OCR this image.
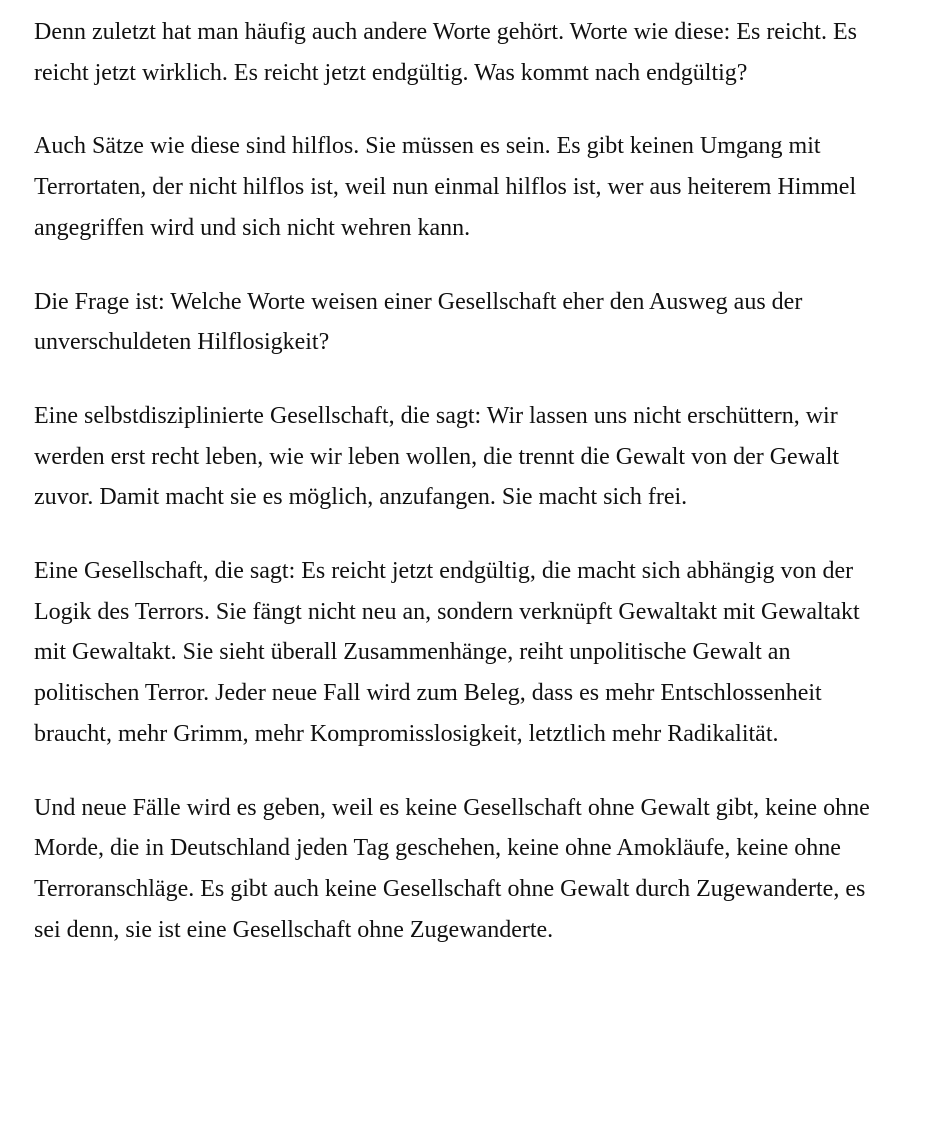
Denn zuletzt hat man häufig auch andere Worte gehört. Worte wie diese: Es reicht. Es reicht jetzt wirklich. Es reicht jetzt endgültig. Was kommt nach endgültig?

Auch Sätze wie diese sind hilflos. Sie müssen es sein. Es gibt keinen Umgang mit Terrortaten, der nicht hilflos ist, weil nun einmal hilflos ist, wer aus heiterem Himmel angegriffen wird und sich nicht wehren kann.

Die Frage ist: Welche Worte weisen einer Gesellschaft eher den Ausweg aus der unverschuldeten Hilflosigkeit?

Eine selbstdisziplinierte Gesellschaft, die sagt: Wir lassen uns nicht erschüttern, wir werden erst recht leben, wie wir leben wollen, die trennt die Gewalt von der Gewalt zuvor. Damit macht sie es möglich, anzufangen. Sie macht sich frei.

Eine Gesellschaft, die sagt: Es reicht jetzt endgültig, die macht sich abhängig von der Logik des Terrors. Sie fängt nicht neu an, sondern verknüpft Gewaltakt mit Gewaltakt mit Gewaltakt. Sie sieht überall Zusammenhänge, reiht unpolitische Gewalt an politischen Terror. Jeder neue Fall wird zum Beleg, dass es mehr Entschlossenheit braucht, mehr Grimm, mehr Kompromisslosigkeit, letztlich mehr Radikalität.

Und neue Fälle wird es geben, weil es keine Gesellschaft ohne Gewalt gibt, keine ohne Morde, die in Deutschland jeden Tag geschehen, keine ohne Amokläufe, keine ohne Terroranschläge. Es gibt auch keine Gesellschaft ohne Gewalt durch Zugewanderte, es sei denn, sie ist eine Gesellschaft ohne Zugewanderte.
